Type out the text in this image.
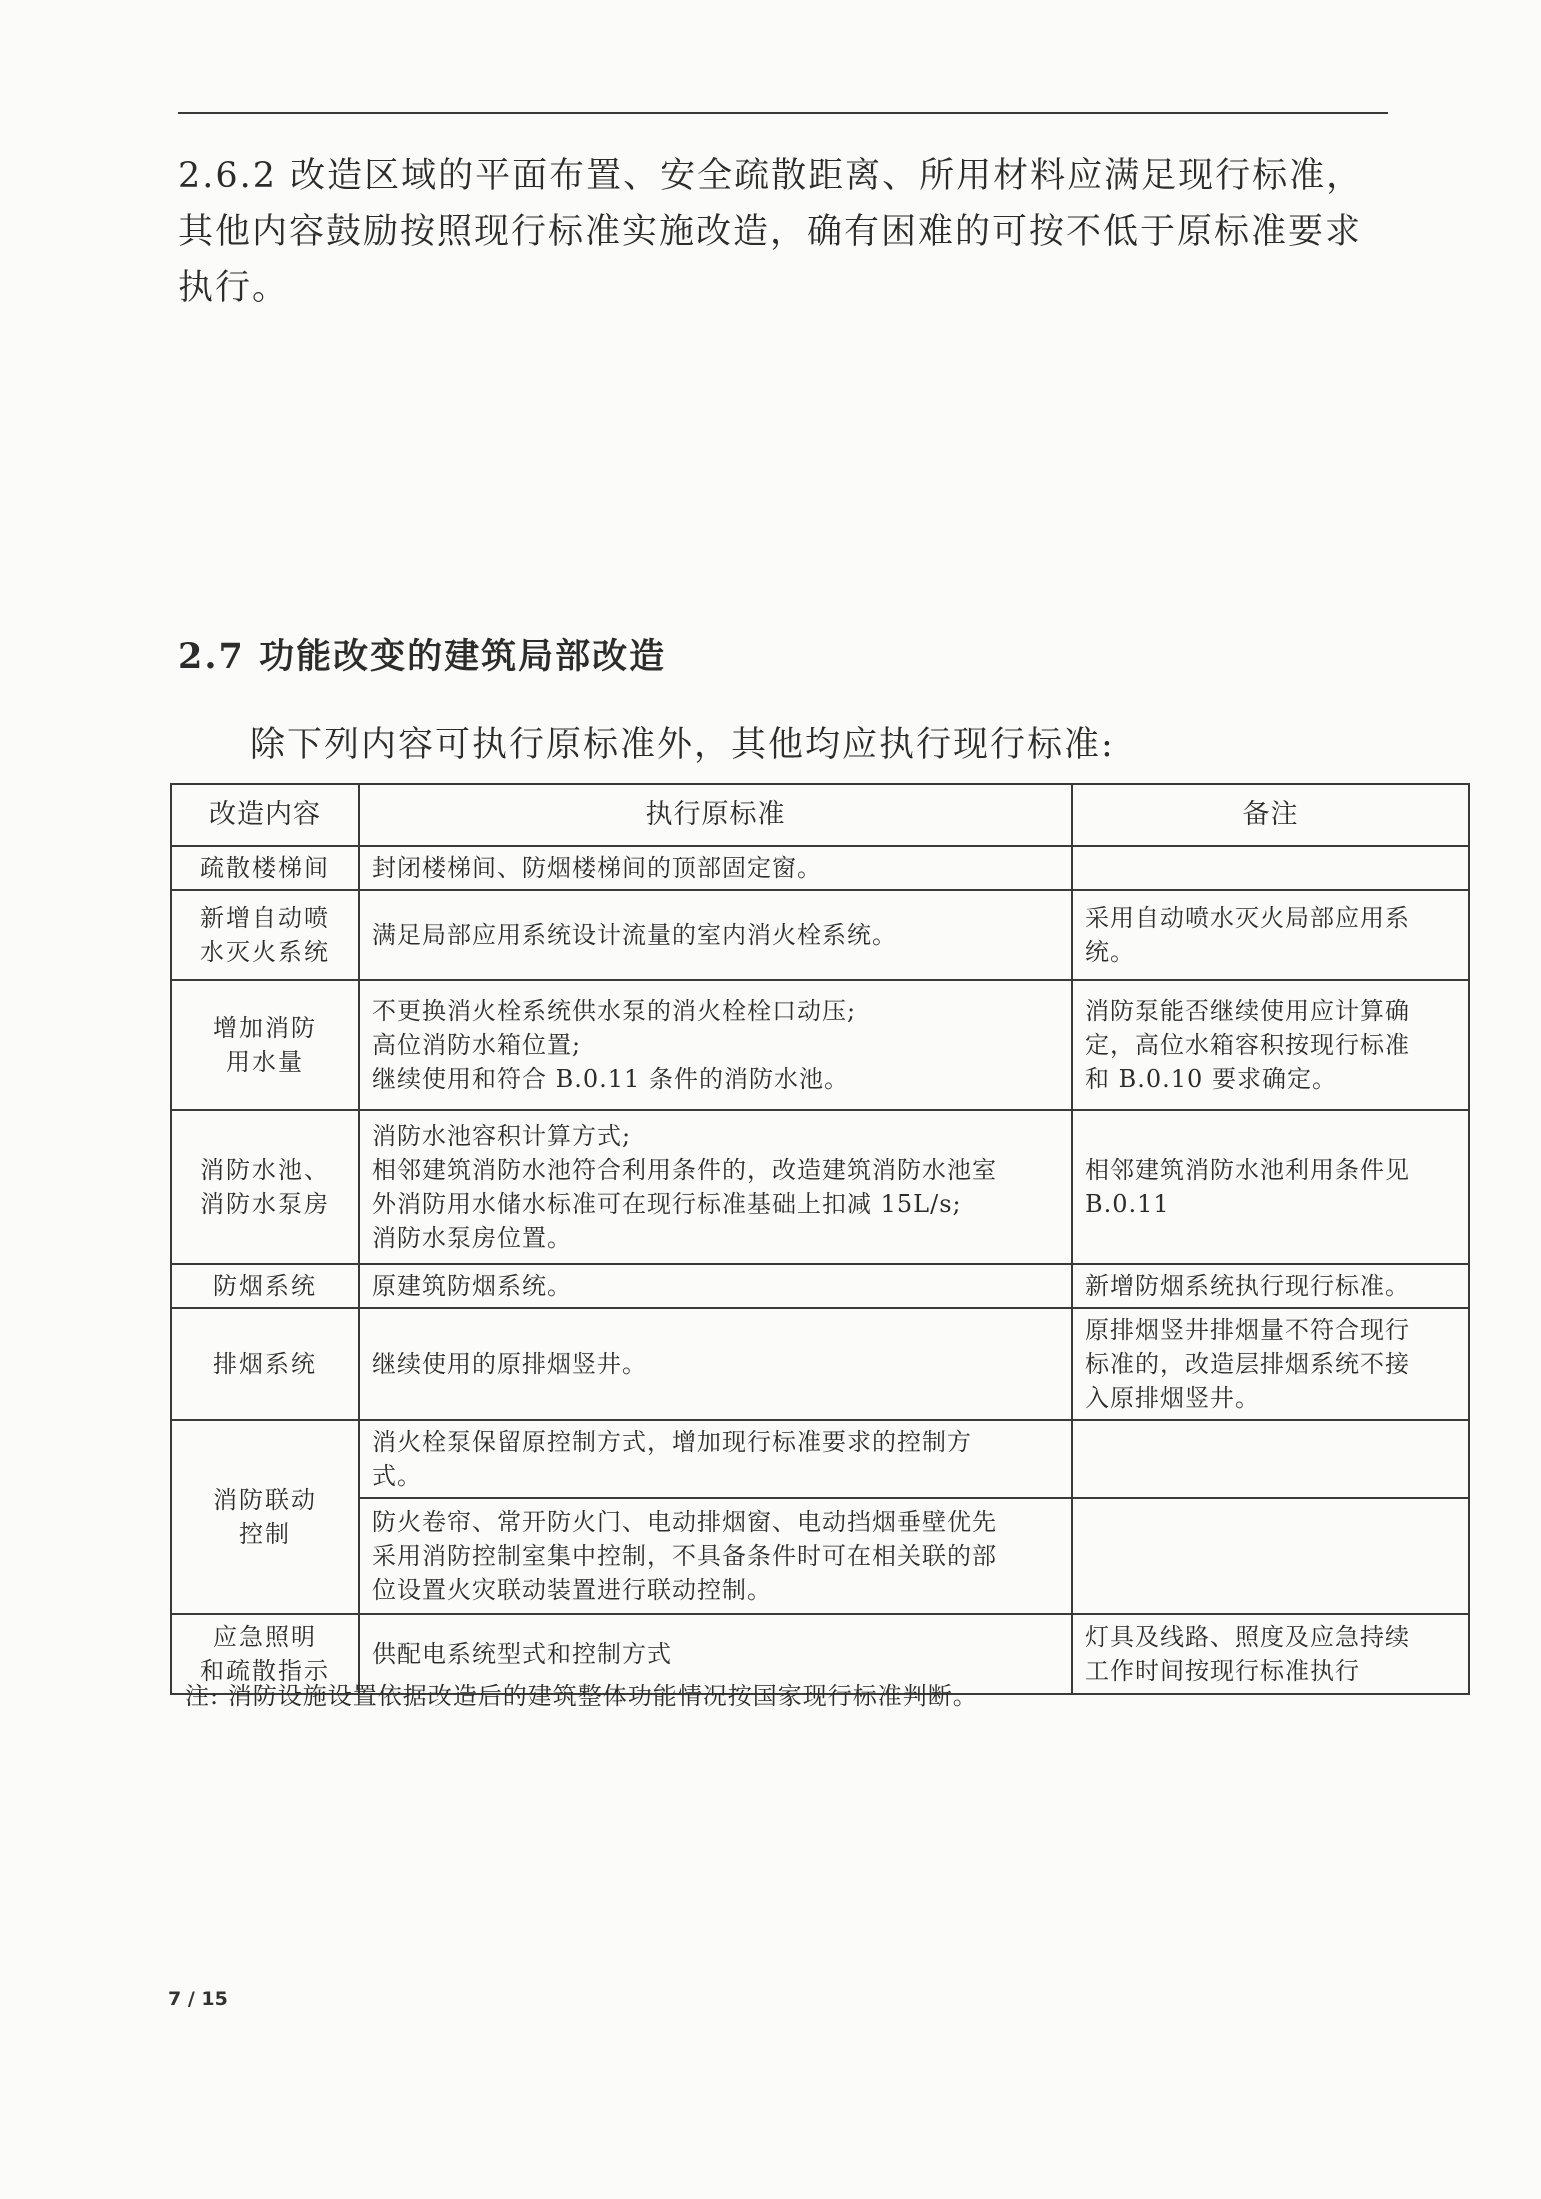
2.6.2 改造区域的平面布置、安全疏散距离、所用材料应满足现行标准，
其他内容鼓励按照现行标准实施改造，确有困难的可按不低于原标准要求
执行。

2.7 功能改变的建筑局部改造

除下列内容可执行原标准外，其他均应执行现行标准:

改造内容	执行原标准	备注

疏散楼梯间	封闭楼梯间、防烟楼梯间的顶部固定窗。	

新增自动喷
水灭火系统	满足局部应用系统设计流量的室内消火栓系统。	采用自动喷水灭火局部应用系
统。

增加消防
用水量	不更换消火栓系统供水泵的消火栓栓口动压;
高位消防水箱位置;
继续使用和符合 B.0.11 条件的消防水池。	消防泵能否继续使用应计算确
定，高位水箱容积按现行标准
和 B.0.10 要求确定。

消防水池、
消防水泵房	消防水池容积计算方式;
相邻建筑消防水池符合利用条件的，改造建筑消防水池室
外消防用水储水标准可在现行标准基础上扣减 15L/s;
消防水泵房位置。	相邻建筑消防水池利用条件见
B.0.11

防烟系统	原建筑防烟系统。	新增防烟系统执行现行标准。

排烟系统	继续使用的原排烟竖井。	原排烟竖井排烟量不符合现行
标准的，改造层排烟系统不接
入原排烟竖井。

消防联动
控制	消火栓泵保留原控制方式，增加现行标准要求的控制方
式。	

	防火卷帘、常开防火门、电动排烟窗、电动挡烟垂壁优先
采用消防控制室集中控制，不具备条件时可在相关联的部
位设置火灾联动装置进行联动控制。	

应急照明
和疏散指示	供配电系统型式和控制方式	灯具及线路、照度及应急持续
工作时间按现行标准执行

注: 消防设施设置依据改造后的建筑整体功能情况按国家现行标准判断。

7 / 15
